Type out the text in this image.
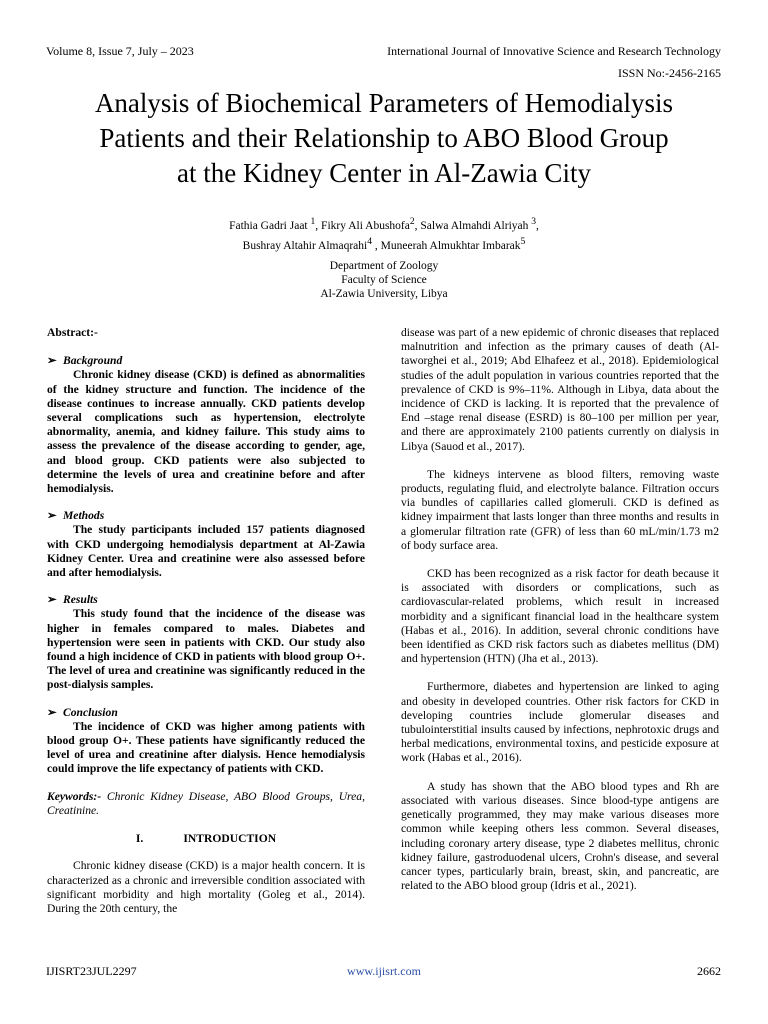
Volume 8, Issue 7, July – 2023	International Journal of Innovative Science and Research Technology
ISSN No:-2456-2165
Analysis of Biochemical Parameters of Hemodialysis
Patients and their Relationship to ABO Blood Group
at the Kidney Center in Al-Zawia City
Fathia Gadri Jaat $^1$, Fikry Ali Abushofa$^2$, Salwa Almahdi Alriyah $^3$,
Bushray Altahir Almaqrahi$^4$ , Muneerah Almukhtar Imbarak$^5$
Department of Zoology
Faculty of Science
Al-Zawia University, Libya

Abstract:-

➢ Background

Chronic kidney disease (CKD) is defined as abnormalities of the kidney structure and function. The incidence of the disease continues to increase annually. CKD patients develop several complications such as hypertension, electrolyte abnormality, anemia, and kidney failure. This study aims to assess the prevalence of the disease according to gender, age, and blood group. CKD patients were also subjected to determine the levels of urea and creatinine before and after hemodialysis.

➢ Methods

The study participants included 157 patients diagnosed with CKD undergoing hemodialysis department at Al-Zawia Kidney Center. Urea and creatinine were also assessed before and after hemodialysis.

➢ Results

This study found that the incidence of the disease was higher in females compared to males. Diabetes and hypertension were seen in patients with CKD. Our study also found a high incidence of CKD in patients with blood group O+. The level of urea and creatinine was significantly reduced in the post-dialysis samples.

➢ Conclusion

The incidence of CKD was higher among patients with blood group O+. These patients have significantly reduced the level of urea and creatinine after dialysis. Hence hemodialysis could improve the life expectancy of patients with CKD.

Keywords:- Chronic Kidney Disease, ABO Blood Groups, Urea, Creatinine.

I.	INTRODUCTION

Chronic kidney disease (CKD) is a major health concern. It is characterized as a chronic and irreversible condition associated with significant morbidity and high mortality (Goleg et al., 2014). During the 20th century, the

disease was part of a new epidemic of chronic diseases that replaced malnutrition and infection as the primary causes of death (Al-taworghei et al., 2019; Abd Elhafeez et al., 2018). Epidemiological studies of the adult population in various countries reported that the prevalence of CKD is 9%–11%. Although in Libya, data about the incidence of CKD is lacking. It is reported that the prevalence of End –stage renal disease (ESRD) is 80–100 per million per year, and there are approximately 2100 patients currently on dialysis in Libya (Sauod et al., 2017).

The kidneys intervene as blood filters, removing waste products, regulating fluid, and electrolyte balance. Filtration occurs via bundles of capillaries called glomeruli. CKD is defined as kidney impairment that lasts longer than three months and results in a glomerular filtration rate (GFR) of less than 60 mL/min/1.73 m2 of body surface area.

CKD has been recognized as a risk factor for death because it is associated with disorders or complications, such as cardiovascular-related problems, which result in increased morbidity and a significant financial load in the healthcare system (Habas et al., 2016). In addition, several chronic conditions have been identified as CKD risk factors such as diabetes mellitus (DM) and hypertension (HTN) (Jha et al., 2013).

Furthermore, diabetes and hypertension are linked to aging and obesity in developed countries. Other risk factors for CKD in developing countries include glomerular diseases and tubulointerstitial insults caused by infections, nephrotoxic drugs and herbal medications, environmental toxins, and pesticide exposure at work (Habas et al., 2016).

A study has shown that the ABO blood types and Rh are associated with various diseases. Since blood-type antigens are genetically programmed, they may make various diseases more common while keeping others less common. Several diseases, including coronary artery disease, type 2 diabetes mellitus, chronic kidney failure, gastroduodenal ulcers, Crohn's disease, and several cancer types, particularly brain, breast, skin, and pancreatic, are related to the ABO blood group (Idris et al., 2021).

IJISRT23JUL2297	www.ijisrt.com	2662
